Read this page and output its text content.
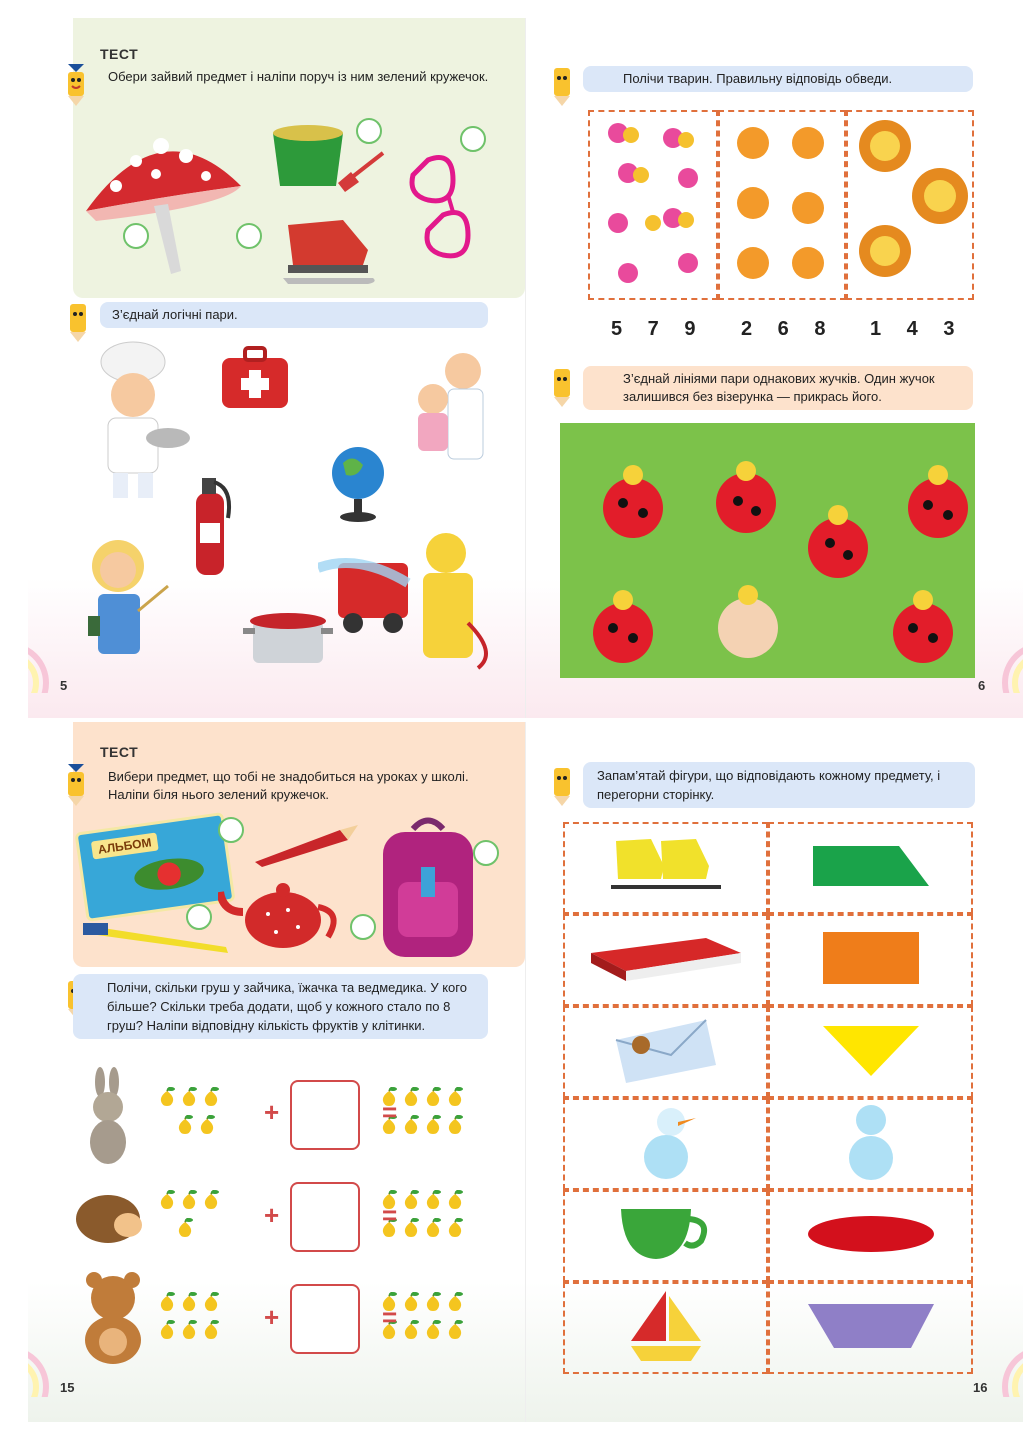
ТЕСТ
Обери зайвий предмет і наліпи поруч із ним зелений кружечок.
З’єднай логічні пари.
5
Полічи тварин. Правильну відповідь обведи.
5 7 9 2 6 8 1 4 3
З’єднай лініями пари однакових жучків. Один жучок залишився без візерунка — прикрась його.
6
ТЕСТ
Вибери предмет, що тобі не знадобиться на уроках у школі. Наліпи біля нього зелений кружечок.
АЛЬБОМ
Полічи, скільки груш у зайчика, їжачка та ведмедика. У кого більше? Скільки треба додати, щоб у кожного стало по 8 груш? Наліпи відповідну кількість фруктів у клітинки.
+
+
+
=
=
=
15
Запам’ятай фігури, що відповідають кожному предмету, і перегорни сторінку.
16
